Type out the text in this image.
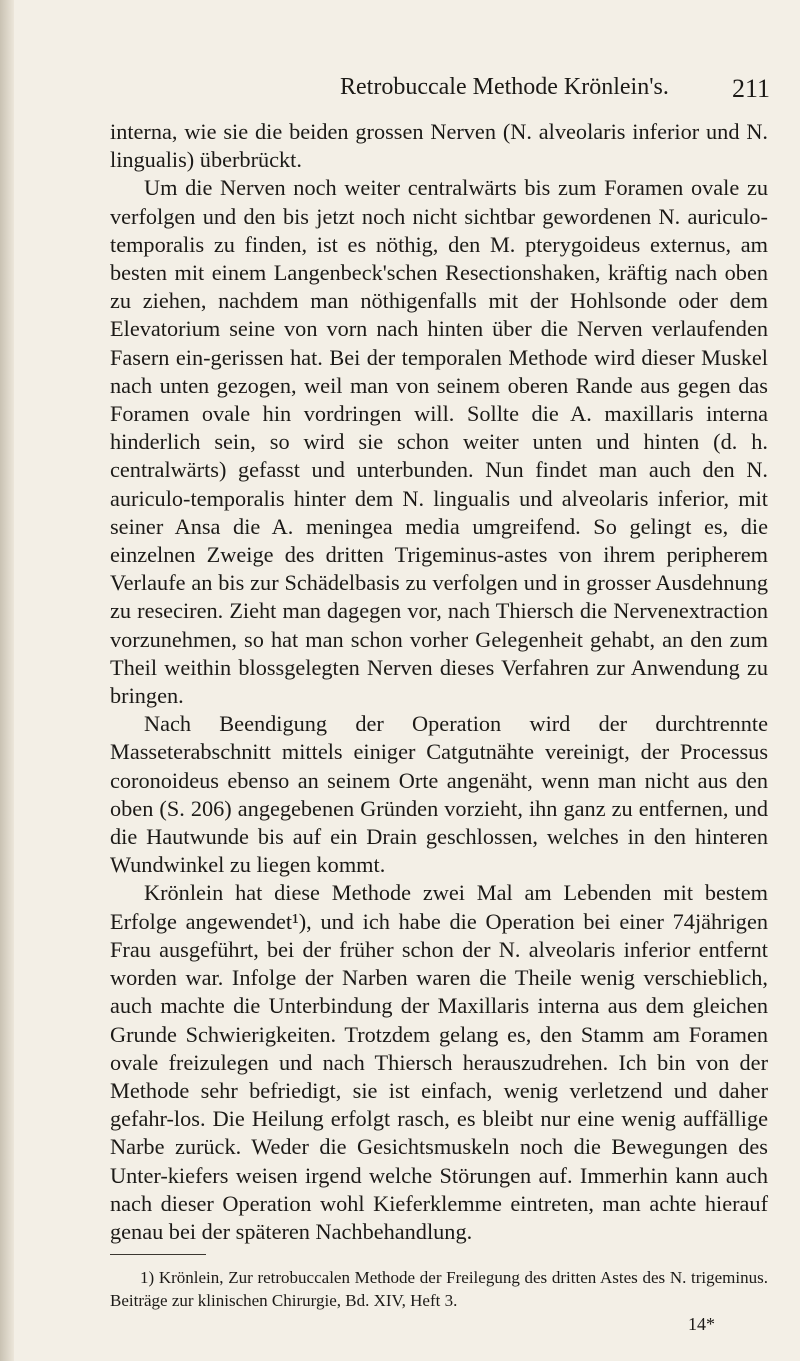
Retrobuccale Methode Krönlein's. 211

interna, wie sie die beiden grossen Nerven (N. alveolaris inferior und N. lingualis) überbrückt.

Um die Nerven noch weiter centralwärts bis zum Foramen ovale zu verfolgen und den bis jetzt noch nicht sichtbar gewordenen N. auriculo-temporalis zu finden, ist es nöthig, den M. pterygoideus externus, am besten mit einem Langenbeck'schen Resectionshaken, kräftig nach oben zu ziehen, nachdem man nöthigenfalls mit der Hohlsonde oder dem Elevatorium seine von vorn nach hinten über die Nerven verlaufenden Fasern ein-gerissen hat. Bei der temporalen Methode wird dieser Muskel nach unten gezogen, weil man von seinem oberen Rande aus gegen das Foramen ovale hin vordringen will. Sollte die A. maxillaris interna hinderlich sein, so wird sie schon weiter unten und hinten (d. h. centralwärts) gefasst und unterbunden. Nun findet man auch den N. auriculo-temporalis hinter dem N. lingualis und alveolaris inferior, mit seiner Ansa die A. meningea media umgreifend. So gelingt es, die einzelnen Zweige des dritten Trigeminus-astes von ihrem peripherem Verlaufe an bis zur Schädelbasis zu verfolgen und in grosser Ausdehnung zu reseciren. Zieht man dagegen vor, nach Thiersch die Nervenextraction vorzunehmen, so hat man schon vorher Gelegenheit gehabt, an den zum Theil weithin blossgelegten Nerven dieses Verfahren zur Anwendung zu bringen.

Nach Beendigung der Operation wird der durchtrennte Masseterabschnitt mittels einiger Catgutnähte vereinigt, der Processus coronoideus ebenso an seinem Orte angenäht, wenn man nicht aus den oben (S. 206) angegebenen Gründen vorzieht, ihn ganz zu entfernen, und die Hautwunde bis auf ein Drain geschlossen, welches in den hinteren Wundwinkel zu liegen kommt.

Krönlein hat diese Methode zwei Mal am Lebenden mit bestem Erfolge angewendet¹), und ich habe die Operation bei einer 74jährigen Frau ausgeführt, bei der früher schon der N. alveolaris inferior entfernt worden war. Infolge der Narben waren die Theile wenig verschieblich, auch machte die Unterbindung der Maxillaris interna aus dem gleichen Grunde Schwierigkeiten. Trotzdem gelang es, den Stamm am Foramen ovale freizulegen und nach Thiersch herauszudrehen. Ich bin von der Methode sehr befriedigt, sie ist einfach, wenig verletzend und daher gefahr-los. Die Heilung erfolgt rasch, es bleibt nur eine wenig auffällige Narbe zurück. Weder die Gesichtsmuskeln noch die Bewegungen des Unter-kiefers weisen irgend welche Störungen auf. Immerhin kann auch nach dieser Operation wohl Kieferklemme eintreten, man achte hierauf genau bei der späteren Nachbehandlung.

1) Krönlein, Zur retrobuccalen Methode der Freilegung des dritten Astes des N. trigeminus. Beiträge zur klinischen Chirurgie, Bd. XIV, Heft 3.

14*
